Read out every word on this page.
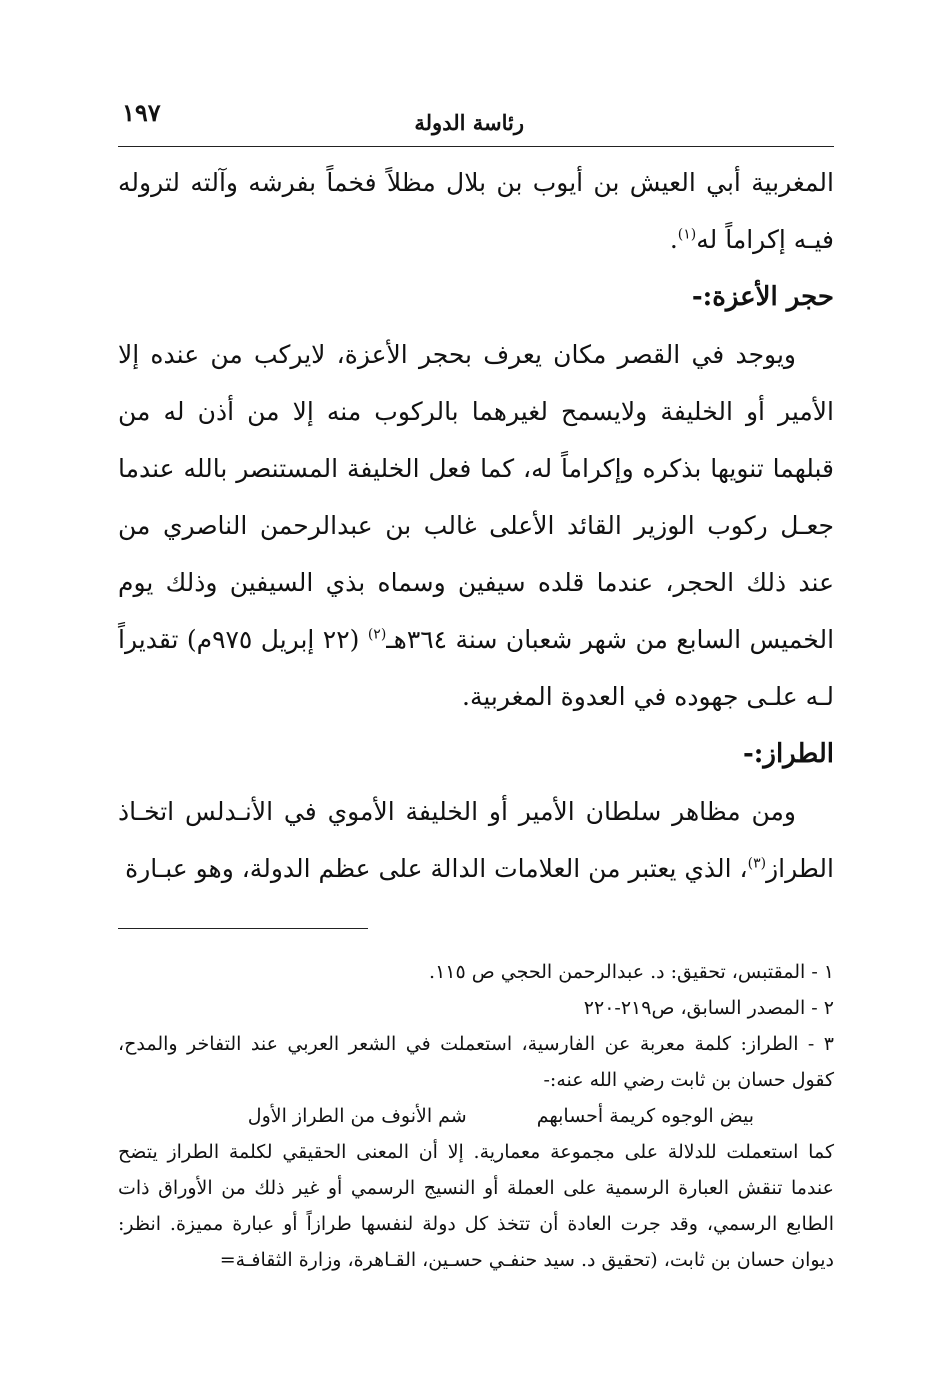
١٩٧	رئاسة الدولة

المغربية أبي العيش بن أيوب بن بلال مظلاً فخماً بفرشه وآلته لتروله فيـه إكراماً له$^{(١)}$.

حجر الأعزة:-

ويوجد في القصر مكان يعرف بحجر الأعزة، لايركب من عنده إلا الأمير أو الخليفة ولايسمح لغيرهما بالركوب منه إلا من أذن له من قبلهما تنويها بذكره وإكراماً له، كما فعل الخليفة المستنصر بالله عندما جعـل ركوب الوزير القائد الأعلى غالب بن عبدالرحمن الناصري من عند ذلك الحجر، عندما قلده سيفين وسماه بذي السيفين وذلك يوم الخميس السابع من شهر شعبان سنة ٣٦٤هـ$^{(٢)}$ (٢٢ إبريل ٩٧٥م) تقديراً لـه علـى جهوده في العدوة المغربية.

الطراز:-

ومن مظاهر سلطان الأمير أو الخليفة الأموي في الأنـدلس اتخـاذ الطراز$^{(٣)}$، الذي يعتبر من العلامات الدالة على عظم الدولة، وهو عبـارة

١ - المقتبس، تحقيق: د. عبدالرحمن الحجي ص ١١٥.

٢ - المصدر السابق، ص٢١٩-٢٢٠

٣ - الطراز: كلمة معربة عن الفارسية، استعملت في الشعر العربي عند التفاخر والمدح، كقول حسان بن ثابت رضي الله عنه:-

بيض الوجوه كريمة أحسابهم
شم الأنوف من الطراز الأول

كما استعملت للدلالة على مجموعة معمارية. إلا أن المعنى الحقيقي لكلمة الطراز يتضح عندما تنقش العبارة الرسمية على العملة أو النسيج الرسمي أو غير ذلك من الأوراق ذات الطابع الرسمي، وقد جرت العادة أن تتخذ كل دولة لنفسها طرازاً أو عبارة مميزة. انظر: ديوان حسان بن ثابت، (تحقيق د. سيد حنفـي حسـين، القـاهرة، وزارة الثقافـة=
